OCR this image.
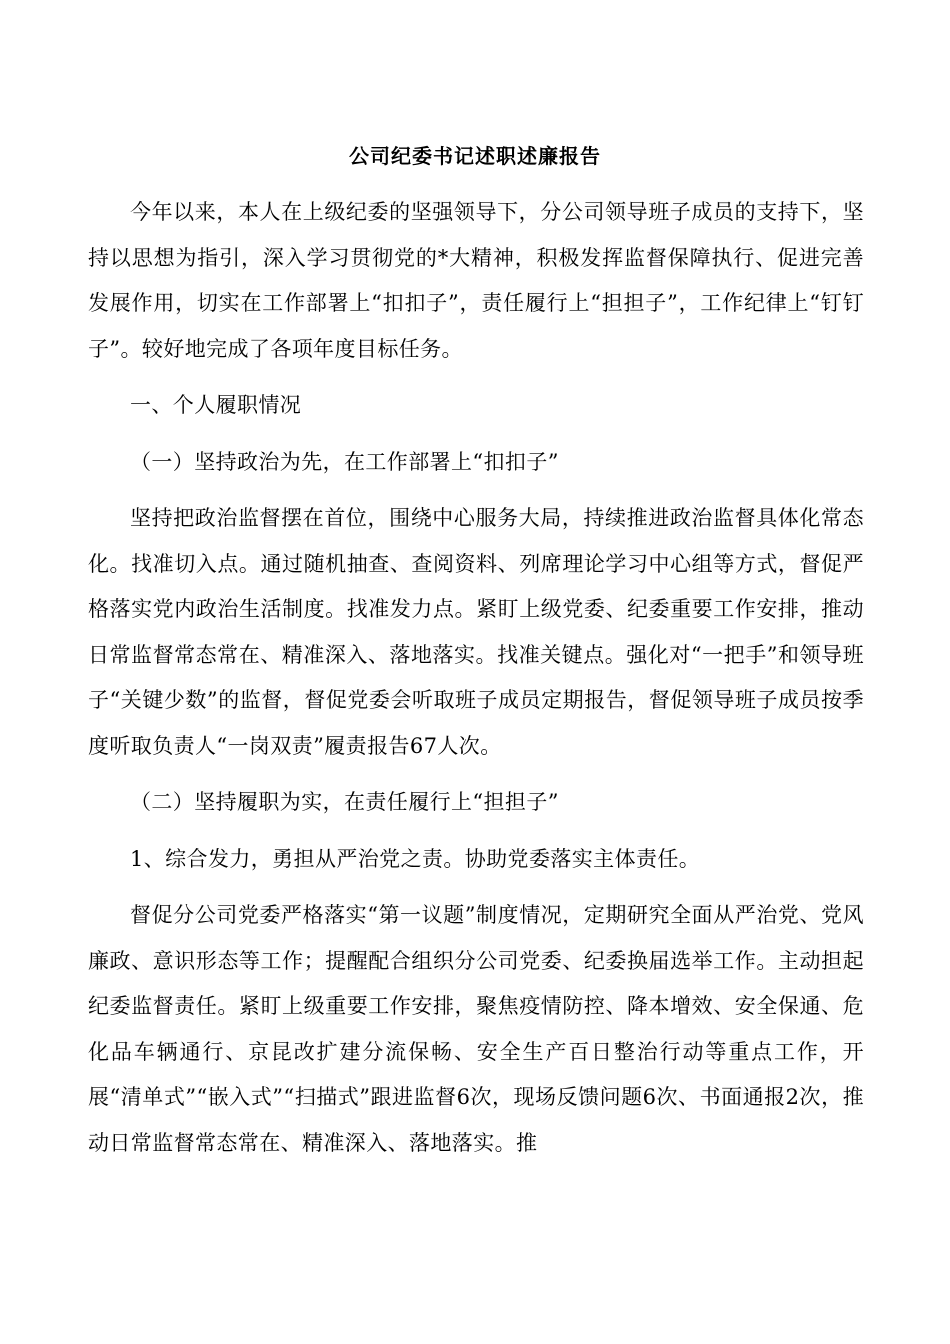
公司纪委书记述职述廉报告

今年以来，本人在上级纪委的坚强领导下，分公司领导班子成员的支持下，坚持以思想为指引，深入学习贯彻党的*大精神，积极发挥监督保障执行、促进完善发展作用，切实在工作部署上“扣扣子”，责任履行上“担担子”，工作纪律上“钉钉子”。较好地完成了各项年度目标任务。

一、个人履职情况

（一）坚持政治为先，在工作部署上“扣扣子”

坚持把政治监督摆在首位，围绕中心服务大局，持续推进政治监督具体化常态化。找准切入点。通过随机抽查、查阅资料、列席理论学习中心组等方式，督促严格落实党内政治生活制度。找准发力点。紧盯上级党委、纪委重要工作安排，推动日常监督常态常在、精准深入、落地落实。找准关键点。强化对“一把手”和领导班子“关键少数”的监督，督促党委会听取班子成员定期报告，督促领导班子成员按季度听取负责人“一岗双责”履责报告67人次。

（二）坚持履职为实，在责任履行上“担担子”

1、综合发力，勇担从严治党之责。协助党委落实主体责任。

督促分公司党委严格落实“第一议题”制度情况，定期研究全面从严治党、党风廉政、意识形态等工作；提醒配合组织分公司党委、纪委换届选举工作。主动担起纪委监督责任。紧盯上级重要工作安排，聚焦疫情防控、降本增效、安全保通、危化品车辆通行、京昆改扩建分流保畅、安全生产百日整治行动等重点工作，开展“清单式”“嵌入式”“扫描式”跟进监督6次，现场反馈问题6次、书面通报2次，推动日常监督常态常在、精准深入、落地落实。推
